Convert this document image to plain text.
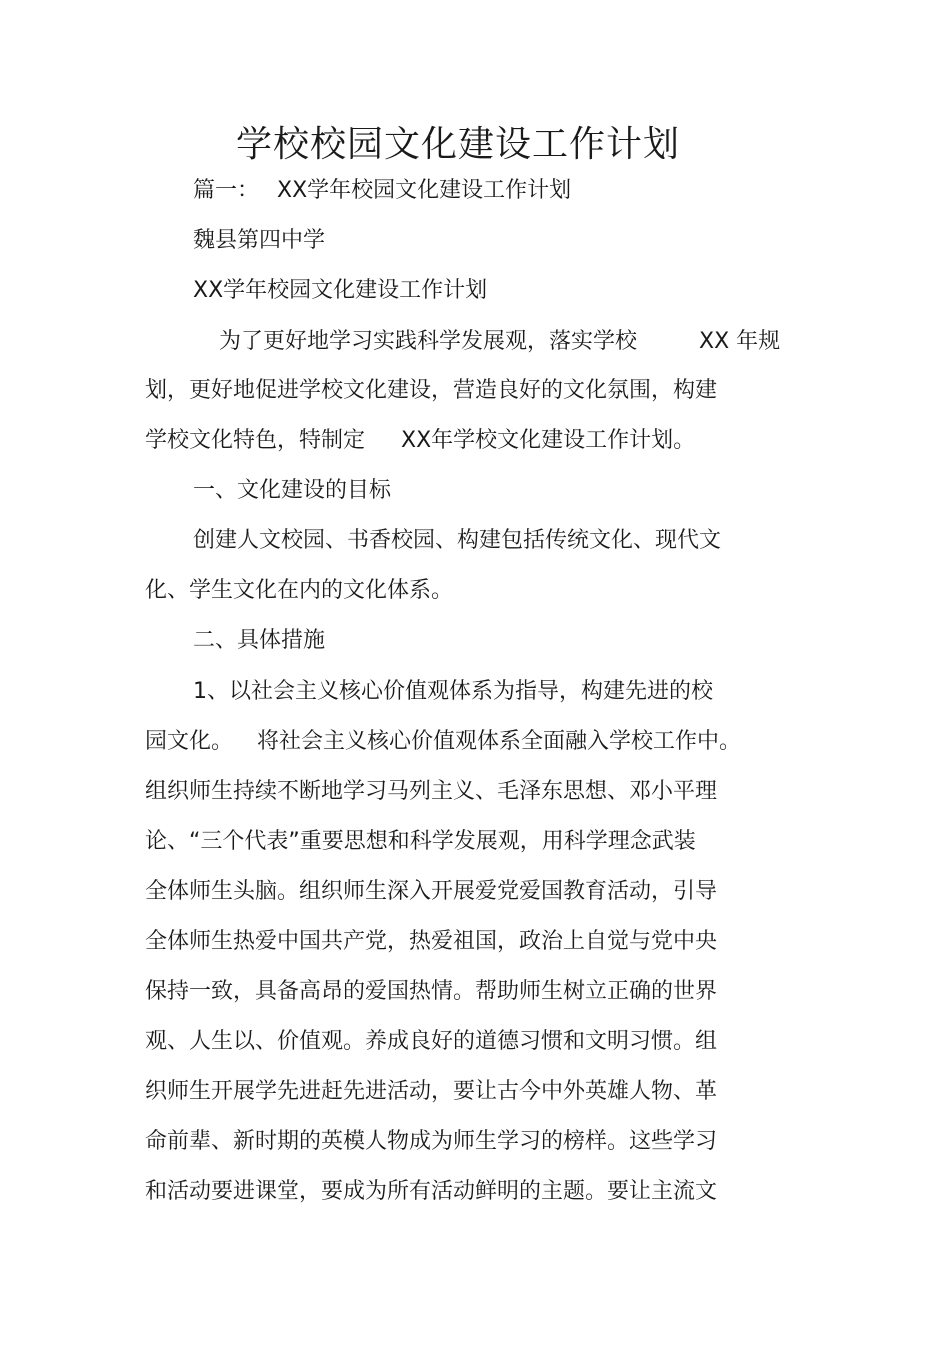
学校校园文化建设工作计划
篇一： XX学年校园文化建设工作计划
魏县第四中学
XX学年校园文化建设工作计划
为了更好地学习实践科学发展观，落实学校	XX 年规
划，更好地促进学校文化建设，营造良好的文化氛围，构建
学校文化特色，特制定 XX年学校文化建设工作计划。
一、文化建设的目标
创建人文校园、书香校园、构建包括传统文化、现代文
化、学生文化在内的文化体系。
二、具体措施
1、以社会主义核心价值观体系为指导，构建先进的校
园文化。 将社会主义核心价值观体系全面融入学校工作中。
组织师生持续不断地学习马列主义、毛泽东思想、邓小平理
论、“三个代表”重要思想和科学发展观，用科学理念武装
全体师生头脑。组织师生深入开展爱党爱国教育活动，引导
全体师生热爱中国共产党，热爱祖国，政治上自觉与党中央
保持一致，具备高昂的爱国热情。帮助师生树立正确的世界
观、人生以、价值观。养成良好的道德习惯和文明习惯。组
织师生开展学先进赶先进活动，要让古今中外英雄人物、革
命前辈、新时期的英模人物成为师生学习的榜样。这些学习
和活动要进课堂，要成为所有活动鲜明的主题。要让主流文
